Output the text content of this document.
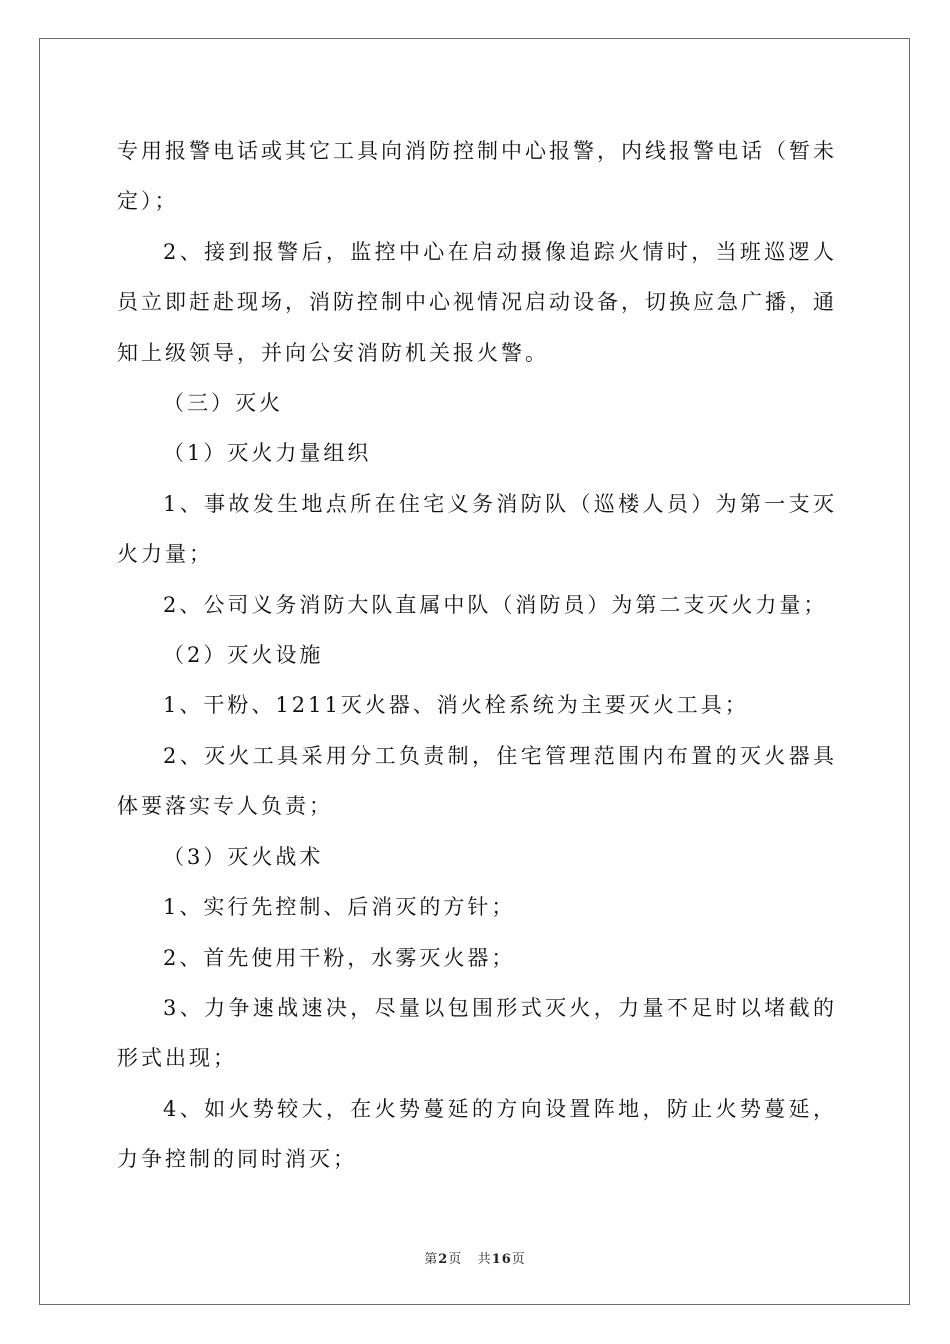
专用报警电话或其它工具向消防控制中心报警，内线报警电话（暂未定）；

2、接到报警后，监控中心在启动摄像追踪火情时，当班巡逻人员立即赶赴现场，消防控制中心视情况启动设备，切换应急广播，通知上级领导，并向公安消防机关报火警。

（三）灭火

（1）灭火力量组织

1、事故发生地点所在住宅义务消防队（巡楼人员）为第一支灭火力量；

2、公司义务消防大队直属中队（消防员）为第二支灭火力量；

（2）灭火设施

1、干粉、1211灭火器、消火栓系统为主要灭火工具；

2、灭火工具采用分工负责制，住宅管理范围内布置的灭火器具体要落实专人负责；

（3）灭火战术

1、实行先控制、后消灭的方针；

2、首先使用干粉，水雾灭火器；

3、力争速战速决，尽量以包围形式灭火，力量不足时以堵截的形式出现；

4、如火势较大，在火势蔓延的方向设置阵地，防止火势蔓延，力争控制的同时消灭；

第2页 共16页
